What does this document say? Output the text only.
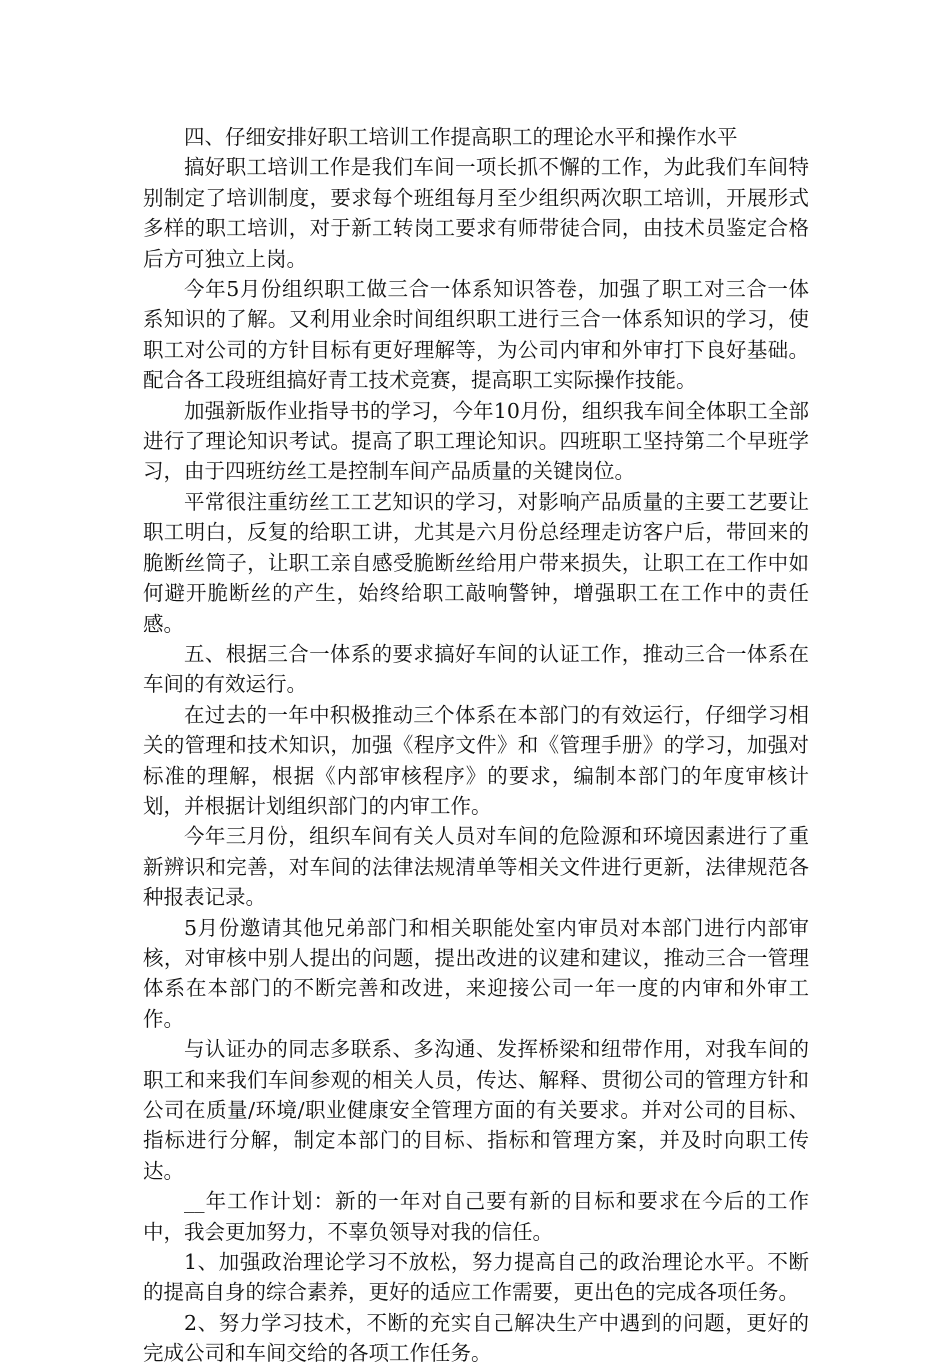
四、仔细安排好职工培训工作提高职工的理论水平和操作水平

搞好职工培训工作是我们车间一项长抓不懈的工作，为此我们车间特别制定了培训制度，要求每个班组每月至少组织两次职工培训，开展形式多样的职工培训，对于新工转岗工要求有师带徒合同，由技术员鉴定合格后方可独立上岗。

今年5月份组织职工做三合一体系知识答卷，加强了职工对三合一体系知识的了解。又利用业余时间组织职工进行三合一体系知识的学习，使职工对公司的方针目标有更好理解等，为公司内审和外审打下良好基础。配合各工段班组搞好青工技术竞赛，提高职工实际操作技能。

加强新版作业指导书的学习，今年10月份，组织我车间全体职工全部进行了理论知识考试。提高了职工理论知识。四班职工坚持第二个早班学习，由于四班纺丝工是控制车间产品质量的关键岗位。

平常很注重纺丝工工艺知识的学习，对影响产品质量的主要工艺要让职工明白，反复的给职工讲，尤其是六月份总经理走访客户后，带回来的脆断丝筒子，让职工亲自感受脆断丝给用户带来损失，让职工在工作中如何避开脆断丝的产生，始终给职工敲响警钟，增强职工在工作中的责任感。

五、根据三合一体系的要求搞好车间的认证工作，推动三合一体系在车间的有效运行。

在过去的一年中积极推动三个体系在本部门的有效运行，仔细学习相关的管理和技术知识，加强《程序文件》和《管理手册》的学习，加强对标准的理解，根据《内部审核程序》的要求，编制本部门的年度审核计划，并根据计划组织部门的内审工作。

今年三月份，组织车间有关人员对车间的危险源和环境因素进行了重新辨识和完善，对车间的法律法规清单等相关文件进行更新，法律规范各种报表记录。

5月份邀请其他兄弟部门和相关职能处室内审员对本部门进行内部审核，对审核中别人提出的问题，提出改进的议建和建议，推动三合一管理体系在本部门的不断完善和改进，来迎接公司一年一度的内审和外审工作。

与认证办的同志多联系、多沟通、发挥桥梁和纽带作用，对我车间的职工和来我们车间参观的相关人员，传达、解释、贯彻公司的管理方针和公司在质量/环境/职业健康安全管理方面的有关要求。并对公司的目标、指标进行分解，制定本部门的目标、指标和管理方案，并及时向职工传达。

__年工作计划：新的一年对自己要有新的目标和要求在今后的工作中，我会更加努力，不辜负领导对我的信任。

1、加强政治理论学习不放松，努力提高自己的政治理论水平。不断的提高自身的综合素养，更好的适应工作需要，更出色的完成各项任务。

2、努力学习技术，不断的充实自己解决生产中遇到的问题，更好的完成公司和车间交给的各项工作任务。
